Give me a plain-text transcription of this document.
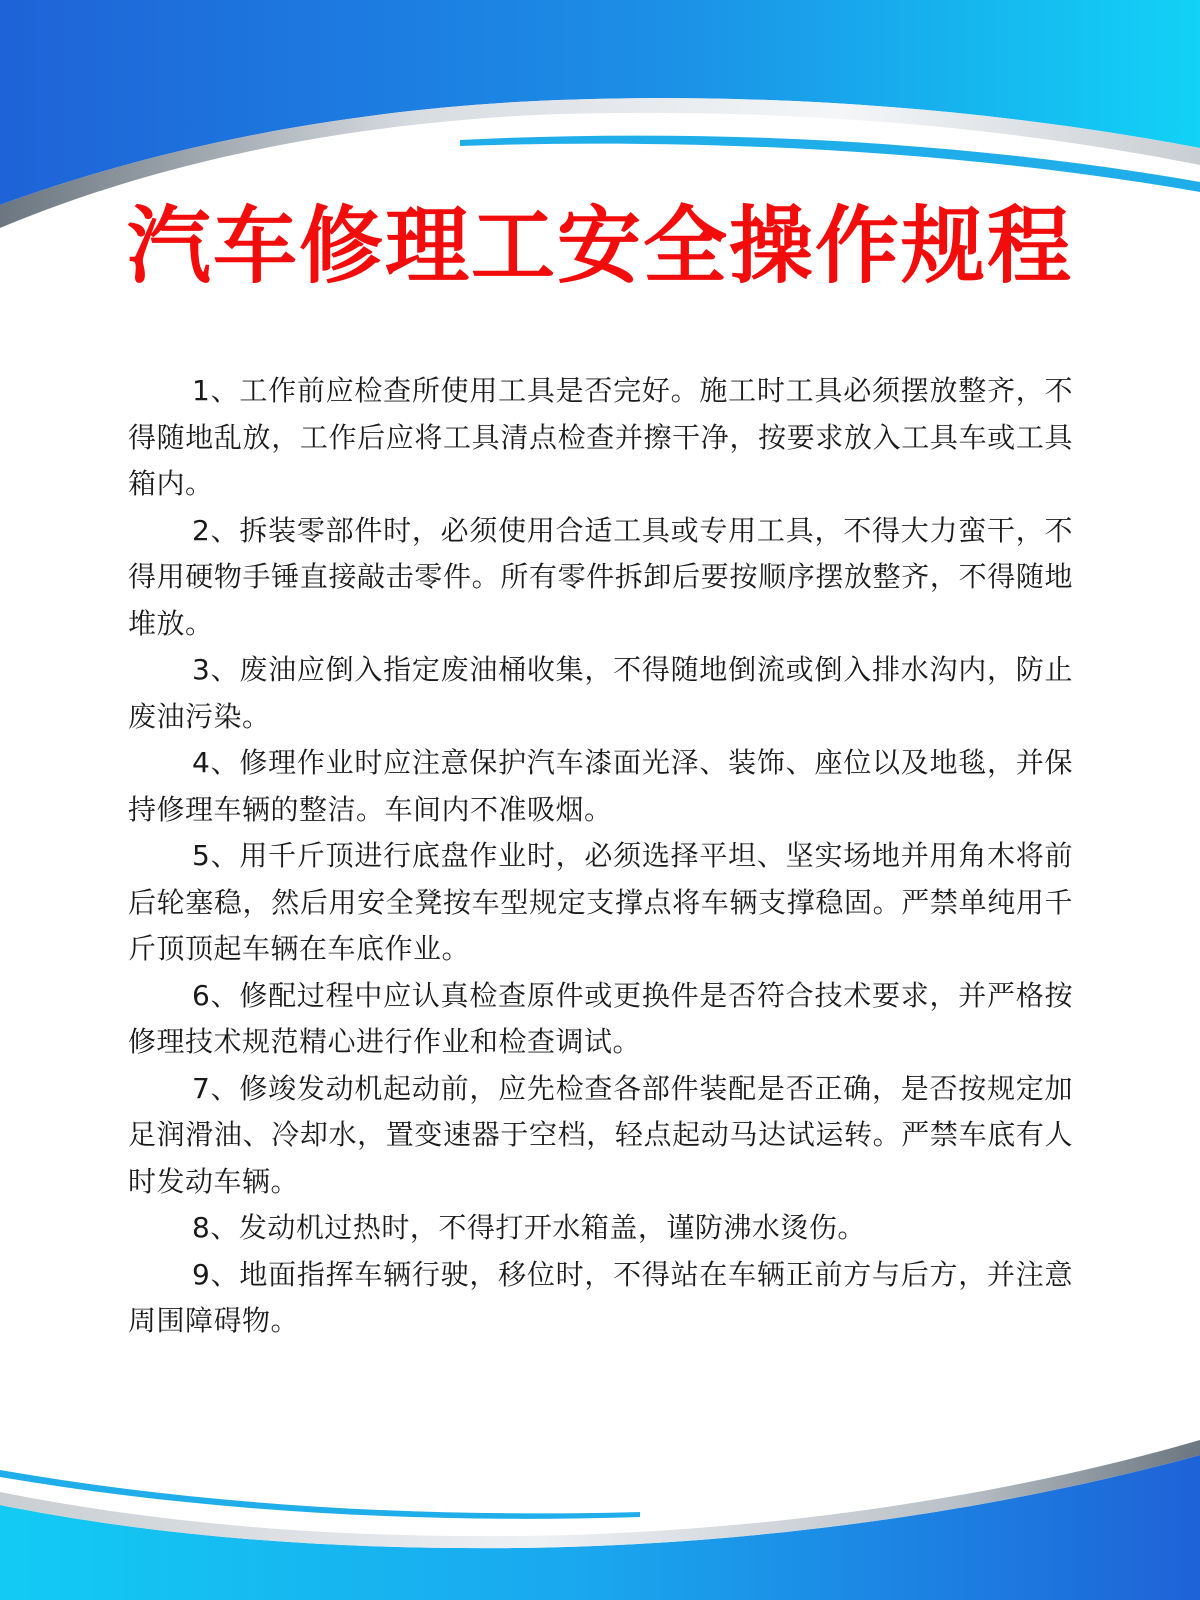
汽车修理工安全操作规程
1、工作前应检查所使用工具是否完好。施工时工具必须摆放整齐，不得随地乱放，工作后应将工具清点检查并擦干净，按要求放入工具车或工具箱内。
2、拆装零部件时，必须使用合适工具或专用工具，不得大力蛮干，不得用硬物手锤直接敲击零件。所有零件拆卸后要按顺序摆放整齐，不得随地堆放。
3、废油应倒入指定废油桶收集，不得随地倒流或倒入排水沟内，防止废油污染。
4、修理作业时应注意保护汽车漆面光泽、装饰、座位以及地毯，并保持修理车辆的整洁。车间内不准吸烟。
5、用千斤顶进行底盘作业时，必须选择平坦、坚实场地并用角木将前后轮塞稳，然后用安全凳按车型规定支撑点将车辆支撑稳固。严禁单纯用千斤顶顶起车辆在车底作业。
6、修配过程中应认真检查原件或更换件是否符合技术要求，并严格按修理技术规范精心进行作业和检查调试。
7、修竣发动机起动前，应先检查各部件装配是否正确，是否按规定加足润滑油、冷却水，置变速器于空档，轻点起动马达试运转。严禁车底有人时发动车辆。
8、发动机过热时，不得打开水箱盖，谨防沸水烫伤。
9、地面指挥车辆行驶，移位时，不得站在车辆正前方与后方，并注意周围障碍物。
